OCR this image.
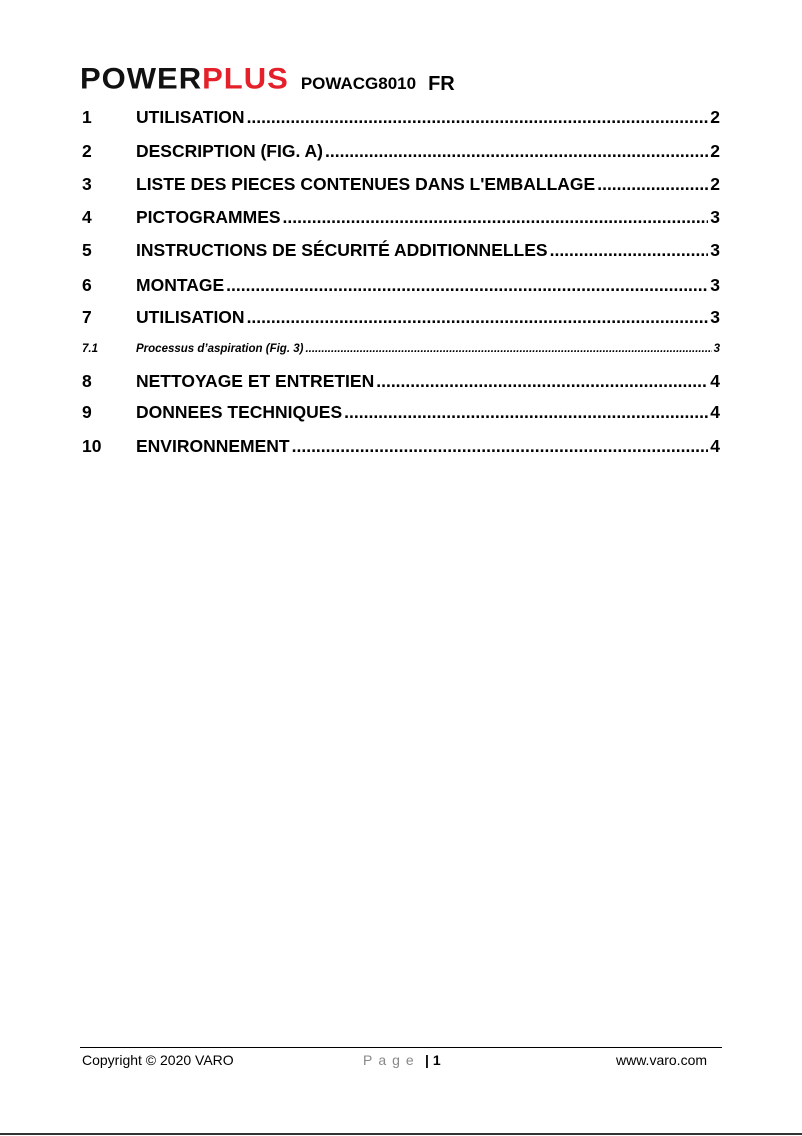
POWERPLUS POWACG8010 FR
1	UTILISATION .....	2
2	DESCRIPTION (FIG. A) .....	2
3	LISTE DES PIECES CONTENUES DANS L'EMBALLAGE .....	2
4	PICTOGRAMMES .....	3
5	INSTRUCTIONS DE SÉCURITÉ ADDITIONNELLES .....	3
6	MONTAGE .....	3
7	UTILISATION .....	3
7.1	Processus d’aspiration (Fig. 3) .....	3
8	NETTOYAGE ET ENTRETIEN .....	4
9	DONNEES TECHNIQUES .....	4
10	ENVIRONNEMENT .....	4
Copyright © 2020 VARO	Page | 1	www.varo.com
